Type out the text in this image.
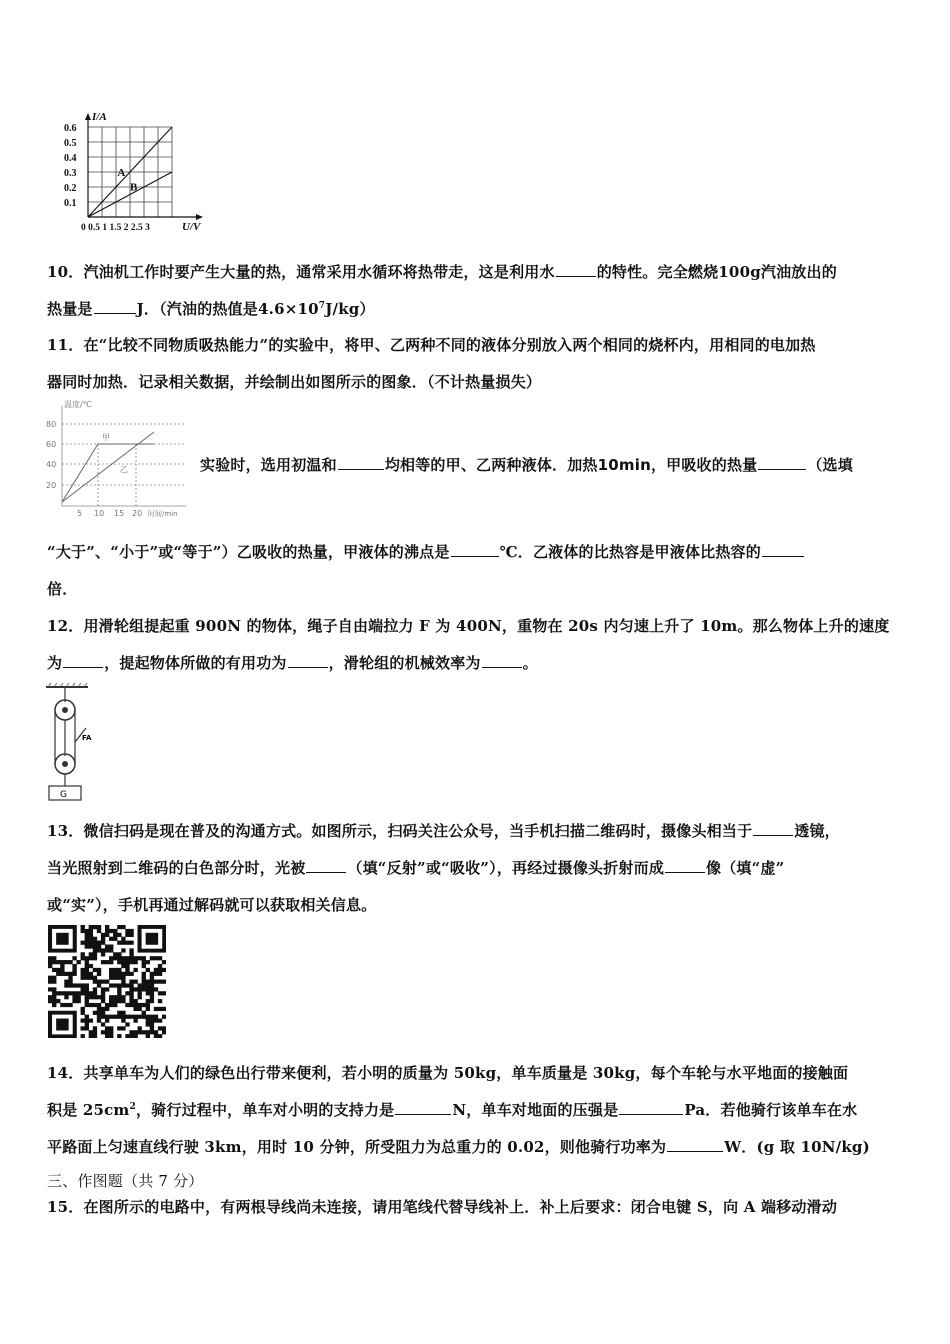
I/A
0.6
0.5
0.4
0.3
0.2
0.1
0 0.5 1 1.5 2 2.5 3	U/V
A
B
10．汽油机工作时要产生大量的热，通常采用水循环将热带走，这是利用水	的特性。完全燃烧100g汽油放出的
热量是	J．（汽油的热值是$4.6\times 10^7J/kg$）
11．在“比较不同物质吸热能力”的实验中，将甲、乙两种不同的液体分别放入两个相同的烧杯内，用相同的电加热
器同时加热．记录相关数据，并绘制出如图所示的图象．（不计热量损失）
温度/℃
80
60
40
20
5 10 15 20 时间/min
甲
乙	实验时，选用初温和	均相等的甲、乙两种液体．加热10min，甲吸收的热量	（选填
“大于”、“小于”或“等于”）乙吸收的热量，甲液体的沸点是	℃．乙液体的比热容是甲液体比热容的
倍．
12．用滑轮组提起重 900N 的物体，绳子自由端拉力 F 为 400N，重物在 20s 内匀速上升了 10m。那么物体上升的速度
为	，提起物体所做的有用功为	，滑轮组的机械效率为	。
FA
G
13．微信扫码是现在普及的沟通方式。如图所示，扫码关注公众号，当手机扫描二维码时，摄像头相当于	透镜，
当光照射到二维码的白色部分时，光被	（填“反射”或“吸收”），再经过摄像头折射而成	像（填“虚”
或“实”），手机再通过解码就可以获取相关信息。
14．共享单车为人们的绿色出行带来便利，若小明的质量为 50kg，单车质量是 30kg，每个车轮与水平地面的接触面
积是 $25cm^2$，骑行过程中，单车对小明的支持力是	N，单车对地面的压强是	Pa．若他骑行该单车在水
平路面上匀速直线行驶 3km，用时 10 分钟，所受阻力为总重力的 0.02，则他骑行功率为	W．(g 取 10N/kg)
三、作图题（共 7 分）
15．在图所示的电路中，有两根导线尚未连接，请用笔线代替导线补上．补上后要求：闭合电键 S，向 A 端移动滑动
